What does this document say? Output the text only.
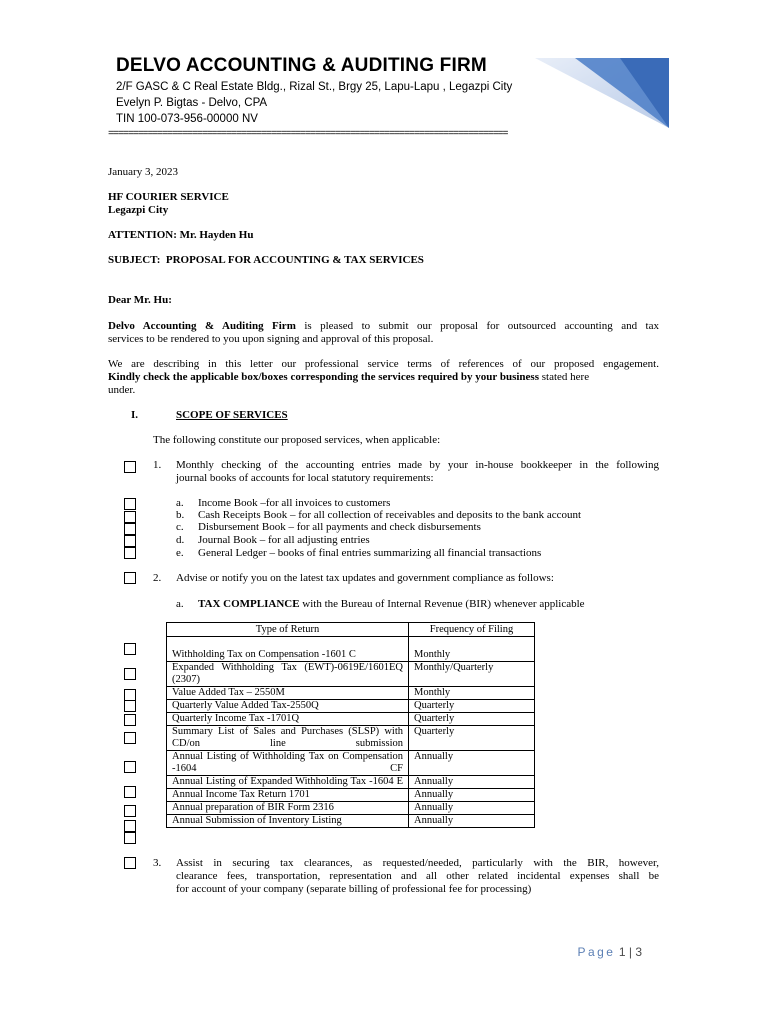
DELVO ACCOUNTING & AUDITING FIRM
2/F GASC & C Real Estate Bldg., Rizal St., Brgy 25, Lapu-Lapu , Legazpi City
Evelyn P. Bigtas - Delvo, CPA
TIN 100-073-956-00000 NV
=================================================================================
January 3, 2023
HF COURIER SERVICE
Legazpi City
ATTENTION: Mr. Hayden Hu
SUBJECT:  PROPOSAL FOR ACCOUNTING & TAX SERVICES
Dear Mr. Hu:
Delvo Accounting & Auditing Firm is pleased to submit our proposal for outsourced accounting and tax
services to be rendered to you upon signing and approval of this proposal.
We are describing in this letter our professional service terms of references of our proposed engagement.
Kindly check the applicable box/boxes corresponding the services required by your business stated here
under.
I.	SCOPE OF SERVICES
The following constitute our proposed services, when applicable:
1. Monthly checking of the accounting entries made by your in-house bookkeeper in the following
journal books of accounts for local statutory requirements:
a. Income Book –for all invoices to customers
b. Cash Receipts Book – for all collection of receivables and deposits to the bank account
c. Disbursement Book – for all payments and check disbursements
d. Journal Book – for all adjusting entries
e. General Ledger – books of final entries summarizing all financial transactions
2. Advise or notify you on the latest tax updates and government compliance as follows:
a. TAX COMPLIANCE with the Bureau of Internal Revenue (BIR) whenever applicable
Type of Return	Frequency of Filing
Withholding Tax on Compensation -1601 C	Monthly

Expanded Withholding Tax (EWT)-0619E/1601EQ (2307)	Monthly/Quarterly
Value Added Tax – 2550M	Monthly
Quarterly Value Added Tax-2550Q	Quarterly
Quarterly Income Tax -1701Q	Quarterly

Summary List of Sales and Purchases (SLSP) with CD/on line submission	Quarterly

Annual Listing of Withholding Tax on Compensation -1604 CF	Annually

Annual Listing of Expanded Withholding Tax -1604 E	Annually
Annual Income Tax Return 1701	Annually
Annual preparation of BIR Form 2316	Annually
Annual Submission of Inventory Listing	Annually
3. Assist in securing tax clearances, as requested/needed, particularly with the BIR, however,
clearance fees, transportation, representation and all other related incidental expenses shall be
for account of your company (separate billing of professional fee for processing)
Page 1 | 3
